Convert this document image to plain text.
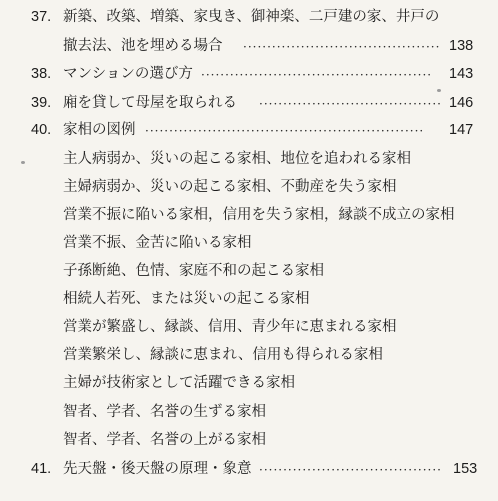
37. 新築、改築、増築、家曳き、御神楽、二戸建の家、井戸の
撤去法、池を埋める場合 ········································· 138
38. マンションの選び方 ················································ 143
39. 廂を貸して母屋を取られる ······································ 146
40. 家相の図例 ·························································· 147
主人病弱か、災いの起こる家相、地位を追われる家相
主婦病弱か、災いの起こる家相、不動産を失う家相
営業不振に陥いる家相，信用を失う家相，縁談不成立の家相
営業不振、金苦に陥いる家相
子孫断絶、色情、家庭不和の起こる家相
相続人若死、または災いの起こる家相
営業が繁盛し、縁談、信用、青少年に恵まれる家相
営業繁栄し、縁談に恵まれ、信用も得られる家相
主婦が技術家として活躍できる家相
智者、学者、名誉の生ずる家相
智者、学者、名誉の上がる家相
41. 先天盤・後天盤の原理・象意 ······································ 153
